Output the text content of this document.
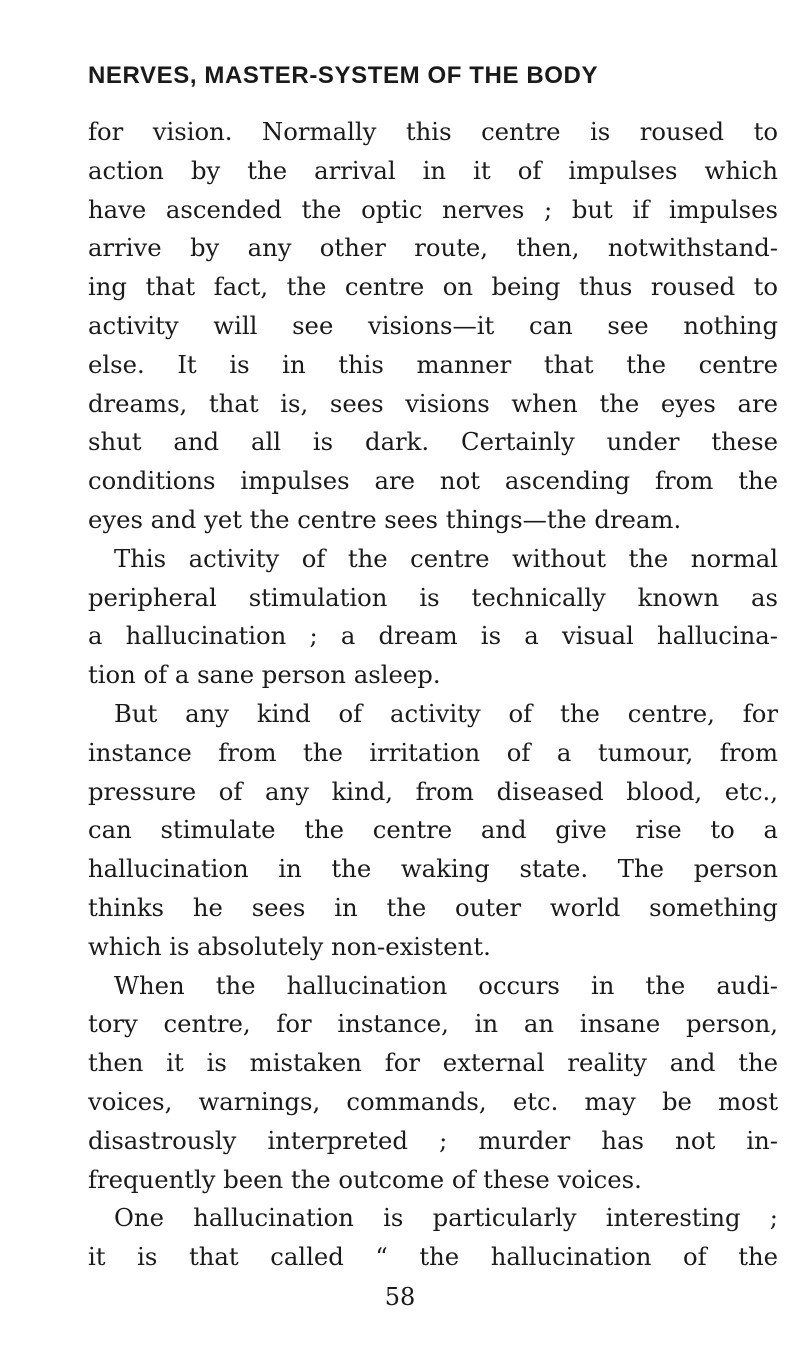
NERVES, MASTER-SYSTEM OF THE BODY
for vision. Normally this centre is roused to
action by the arrival in it of impulses which
have ascended the optic nerves ; but if impulses
arrive by any other route, then, notwithstand-
ing that fact, the centre on being thus roused to
activity will see visions—it can see nothing
else. It is in this manner that the centre
dreams, that is, sees visions when the eyes are
shut and all is dark. Certainly under these
conditions impulses are not ascending from the
eyes and yet the centre sees things—the dream.
This activity of the centre without the normal
peripheral stimulation is technically known as
a hallucination ; a dream is a visual hallucina-
tion of a sane person asleep.
But any kind of activity of the centre, for
instance from the irritation of a tumour, from
pressure of any kind, from diseased blood, etc.,
can stimulate the centre and give rise to a
hallucination in the waking state. The person
thinks he sees in the outer world something
which is absolutely non-existent.
When the hallucination occurs in the audi-
tory centre, for instance, in an insane person,
then it is mistaken for external reality and the
voices, warnings, commands, etc. may be most
disastrously interpreted ; murder has not in-
frequently been the outcome of these voices.
One hallucination is particularly interesting ;
it is that called “ the hallucination of the
58
